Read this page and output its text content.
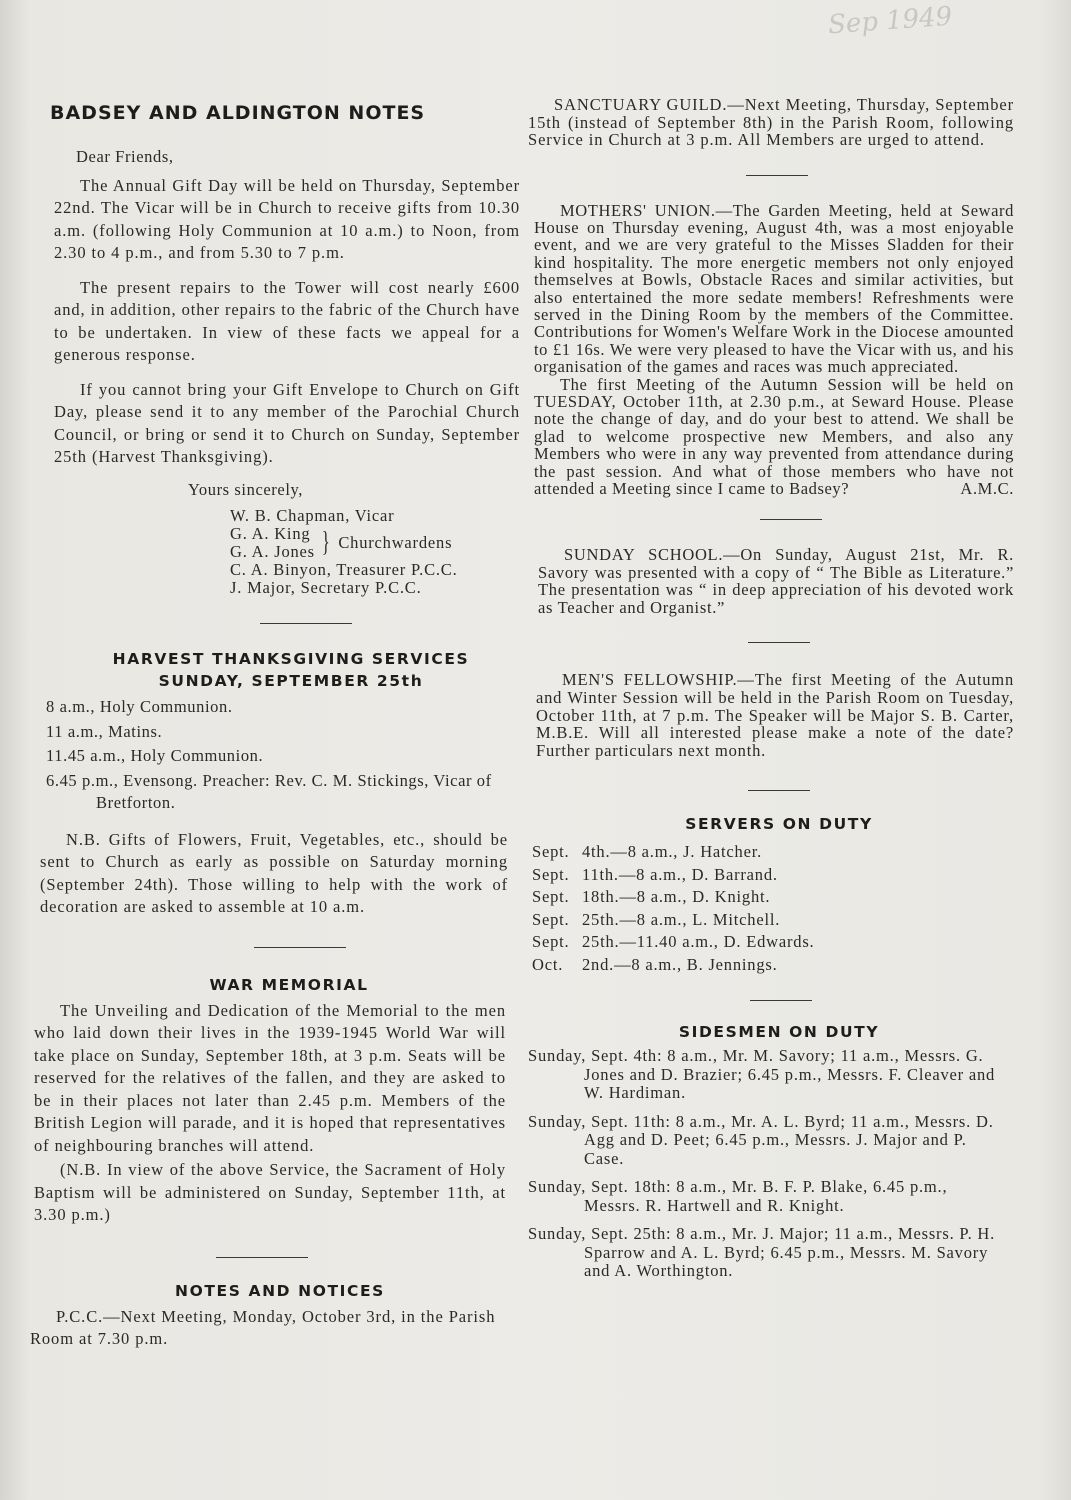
Sep 1949
BADSEY AND ALDINGTON NOTES

Dear Friends,

The Annual Gift Day will be held on Thursday, September 22nd. The Vicar will be in Church to receive gifts from 10.30 a.m. (following Holy Communion at 10 a.m.) to Noon, from 2.30 to 4 p.m., and from 5.30 to 7 p.m.

The present repairs to the Tower will cost nearly £600 and, in addition, other repairs to the fabric of the Church have to be undertaken. In view of these facts we appeal for a generous response.

If you cannot bring your Gift Envelope to Church on Gift Day, please send it to any member of the Parochial Church Council, or bring or send it to Church on Sunday, September 25th (Harvest Thanksgiving).

Yours sincerely,

W. B. Chapman, Vicar

G. A. King
G. A. Jones } Churchwardens

C. A. Binyon, Treasurer P.C.C.

J. Major, Secretary P.C.C.

HARVEST THANKSGIVING SERVICES
SUNDAY, SEPTEMBER 25th

8 a.m., Holy Communion.

11 a.m., Matins.

11.45 a.m., Holy Communion.

6.45 p.m., Evensong. Preacher: Rev. C. M. Stickings, Vicar of Bretforton.

N.B. Gifts of Flowers, Fruit, Vegetables, etc., should be sent to Church as early as possible on Saturday morning (September 24th). Those willing to help with the work of decoration are asked to assemble at 10 a.m.

WAR MEMORIAL

The Unveiling and Dedication of the Memorial to the men who laid down their lives in the 1939-1945 World War will take place on Sunday, September 18th, at 3 p.m. Seats will be reserved for the relatives of the fallen, and they are asked to be in their places not later than 2.45 p.m. Members of the British Legion will parade, and it is hoped that representatives of neighbouring branches will attend.

(N.B. In view of the above Service, the Sacrament of Holy Baptism will be administered on Sunday, September 11th, at 3.30 p.m.)

NOTES AND NOTICES

P.C.C.—Next Meeting, Monday, October 3rd, in the Parish Room at 7.30 p.m.

SANCTUARY GUILD.—Next Meeting, Thursday, September 15th (instead of September 8th) in the Parish Room, following Service in Church at 3 p.m. All Members are urged to attend.

MOTHERS' UNION.—The Garden Meeting, held at Seward House on Thursday evening, August 4th, was a most enjoyable event, and we are very grateful to the Misses Sladden for their kind hospitality. The more energetic members not only enjoyed themselves at Bowls, Obstacle Races and similar activities, but also entertained the more sedate members! Refreshments were served in the Dining Room by the members of the Committee. Contributions for Women's Welfare Work in the Diocese amounted to £1 16s. We were very pleased to have the Vicar with us, and his organisation of the games and races was much appreciated.

The first Meeting of the Autumn Session will be held on TUESDAY, October 11th, at 2.30 p.m., at Seward House. Please note the change of day, and do your best to attend. We shall be glad to welcome prospective new Members, and also any Members who were in any way prevented from attendance during the past session. And what of those members who have not attended a Meeting since I came to Badsey?	A.M.C.

SUNDAY SCHOOL.—On Sunday, August 21st, Mr. R. Savory was presented with a copy of “ The Bible as Literature.” The presentation was “ in deep appreciation of his devoted work as Teacher and Organist.”

MEN'S FELLOWSHIP.—The first Meeting of the Autumn and Winter Session will be held in the Parish Room on Tuesday, October 11th, at 7 p.m. The Speaker will be Major S. B. Carter, M.B.E. Will all interested please make a note of the date? Further particulars next month.

SERVERS ON DUTY
Sept. 4th.—8 a.m., J. Hatcher.
Sept. 11th.—8 a.m., D. Barrand.
Sept. 18th.—8 a.m., D. Knight.
Sept. 25th.—8 a.m., L. Mitchell.
Sept. 25th.—11.40 a.m., D. Edwards.
Oct.	2nd.—8 a.m., B. Jennings.
SIDESMEN ON DUTY

Sunday, Sept. 4th: 8 a.m., Mr. M. Savory; 11 a.m., Messrs. G. Jones and D. Brazier; 6.45 p.m., Messrs. F. Cleaver and W. Hardiman.

Sunday, Sept. 11th: 8 a.m., Mr. A. L. Byrd; 11 a.m., Messrs. D. Agg and D. Peet; 6.45 p.m., Messrs. J. Major and P. Case.

Sunday, Sept. 18th: 8 a.m., Mr. B. F. P. Blake, 6.45 p.m., Messrs. R. Hartwell and R. Knight.

Sunday, Sept. 25th: 8 a.m., Mr. J. Major; 11 a.m., Messrs. P. H. Sparrow and A. L. Byrd; 6.45 p.m., Messrs. M. Savory and A. Worthington.
